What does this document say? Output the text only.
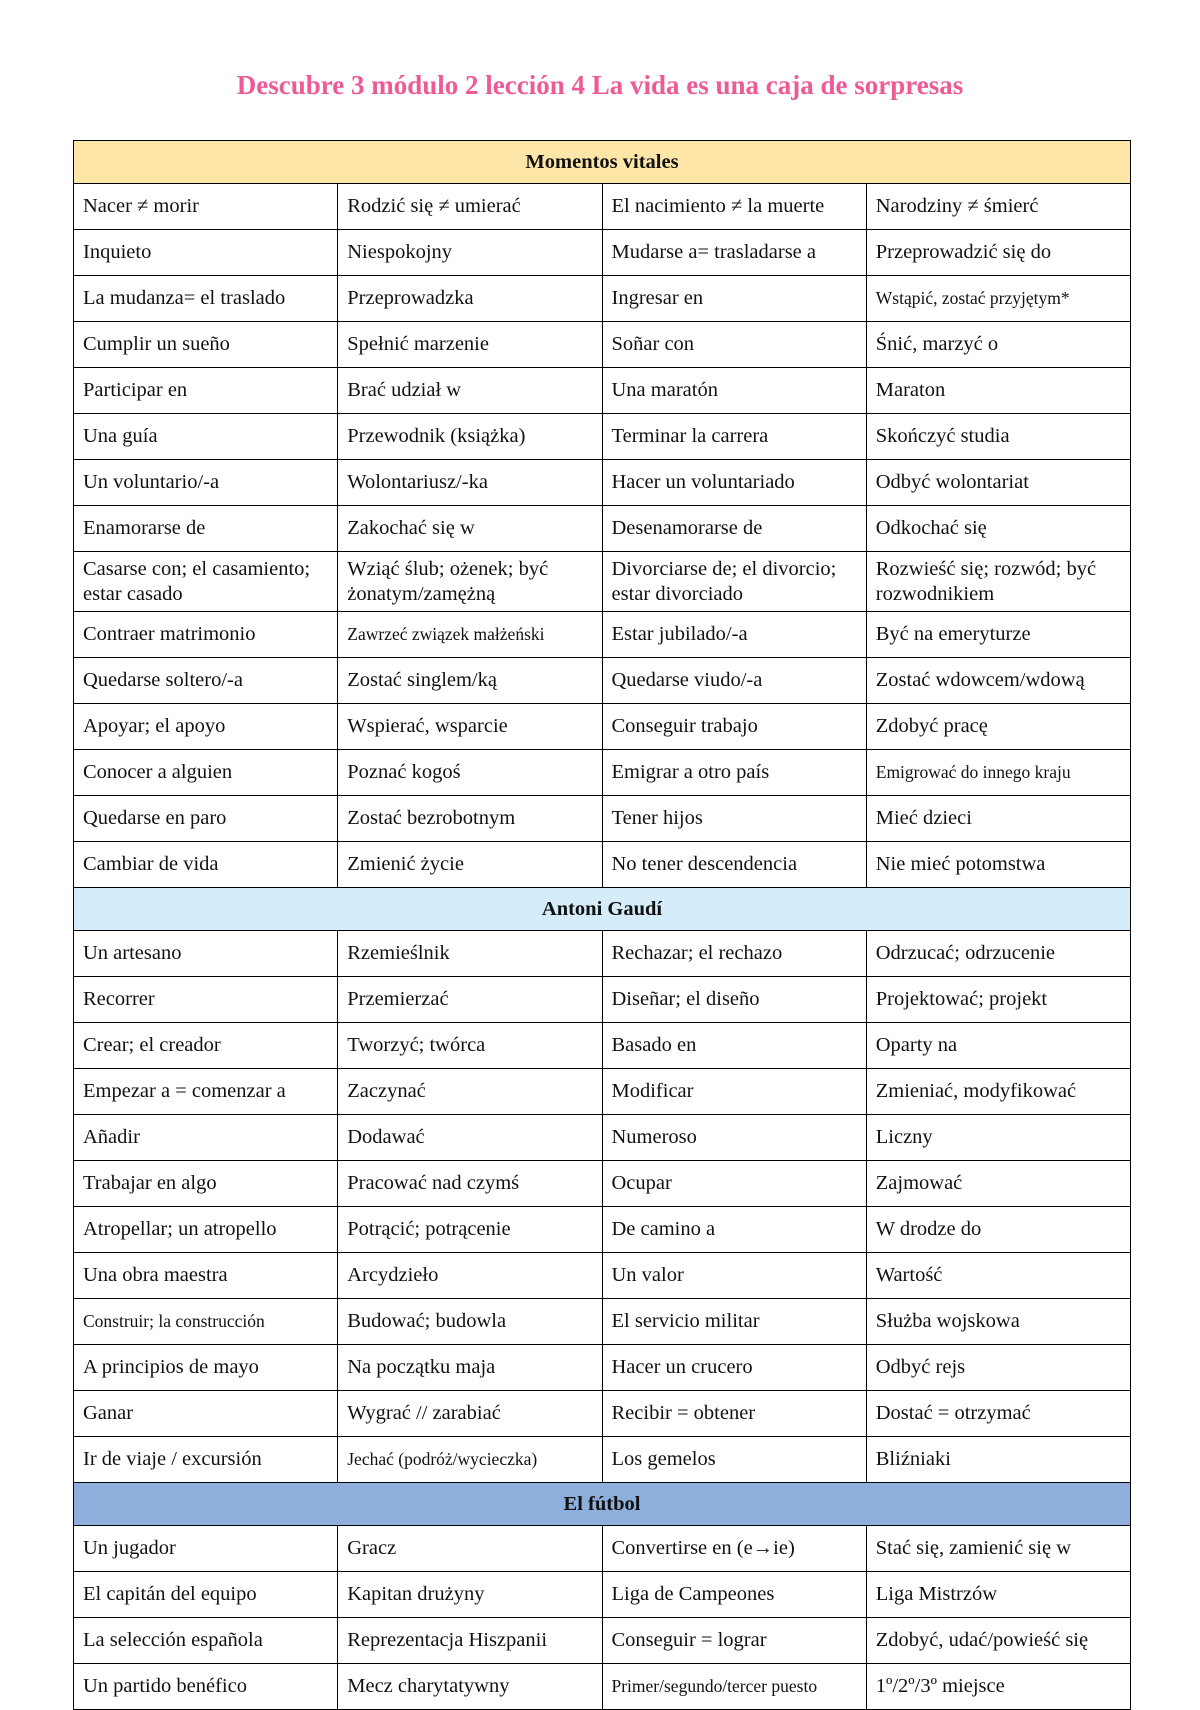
Descubre 3 módulo 2 lección 4 La vida es una caja de sorpresas
Momentos vitales			
Nacer ≠ morir	Rodzić się ≠ umierać	El nacimiento ≠ la muerte	Narodziny ≠ śmierć
Inquieto	Niespokojny	Mudarse a= trasladarse a	Przeprowadzić się do
La mudanza= el traslado	Przeprowadzka	Ingresar en	Wstąpić, zostać przyjętym*
Cumplir un sueño	Spełnić marzenie	Soñar con	Śnić, marzyć o
Participar en	Brać udział w	Una maratón	Maraton
Una guía	Przewodnik (książka)	Terminar la carrera	Skończyć studia
Un voluntario/-a	Wolontariusz/-ka	Hacer un voluntariado	Odbyć wolontariat
Enamorarse de	Zakochać się w	Desenamorarse de	Odkochać się
Casarse con; el casamiento; estar casado	Wziąć ślub; ożenek; być żonatym/zamężną	Divorciarse de; el divorcio; estar divorciado	Rozwieść się; rozwód; być rozwodnikiem
Contraer matrimonio	Zawrzeć związek małżeński	Estar jubilado/-a	Być na emeryturze
Quedarse soltero/-a	Zostać singlem/ką	Quedarse viudo/-a	Zostać wdowcem/wdową
Apoyar; el apoyo	Wspierać, wsparcie	Conseguir trabajo	Zdobyć pracę
Conocer a alguien	Poznać kogoś	Emigrar a otro país	Emigrować do innego kraju
Quedarse en paro	Zostać bezrobotnym	Tener hijos	Mieć dzieci
Cambiar de vida	Zmienić życie	No tener descendencia	Nie mieć potomstwa
Antoni Gaudí			
Un artesano	Rzemieślnik	Rechazar; el rechazo	Odrzucać; odrzucenie
Recorrer	Przemierzać	Diseñar; el diseño	Projektować; projekt
Crear; el creador	Tworzyć; twórca	Basado en	Oparty na
Empezar a = comenzar a	Zaczynać	Modificar	Zmieniać, modyfikować
Añadir	Dodawać	Numeroso	Liczny
Trabajar en algo	Pracować nad czymś	Ocupar	Zajmować
Atropellar; un atropello	Potrącić; potrącenie	De camino a	W drodze do
Una obra maestra	Arcydzieło	Un valor	Wartość
Construir; la construcción	Budować; budowla	El servicio militar	Służba wojskowa
A principios de mayo	Na początku maja	Hacer un crucero	Odbyć rejs
Ganar	Wygrać // zarabiać	Recibir = obtener	Dostać = otrzymać
Ir de viaje / excursión	Jechać (podróż/wycieczka)	Los gemelos	Bliźniaki
El fútbol			
Un jugador	Gracz	Convertirse en (e→ie)	Stać się, zamienić się w
El capitán del equipo	Kapitan drużyny	Liga de Campeones	Liga Mistrzów
La selección española	Reprezentacja Hiszpanii	Conseguir = lograr	Zdobyć, udać/powieść się
Un partido benéfico	Mecz charytatywny	Primer/segundo/tercer puesto	1º/2º/3º miejsce
